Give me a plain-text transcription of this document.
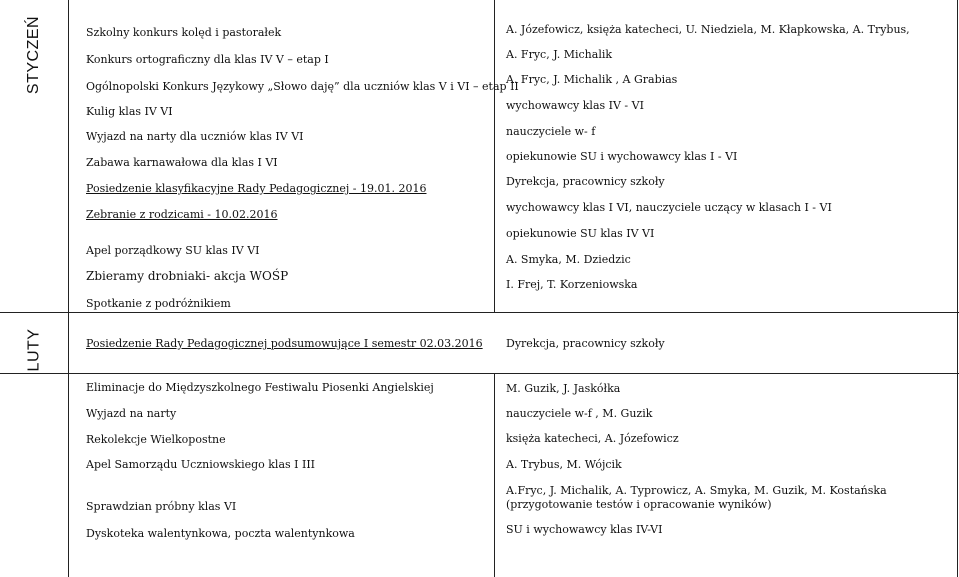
STYCZEŃ
LUTY
Szkolny konkurs kolęd i pastorałek
Konkurs ortograficzny dla klas IV V – etap I
Ogólnopolski Konkurs Językowy „Słowo daję” dla uczniów klas V i VI – etap II
Kulig klas IV VI
Wyjazd na narty dla uczniów klas IV VI
Zabawa karnawałowa dla klas I VI
Posiedzenie klasyfikacyjne Rady Pedagogicznej - 19.01. 2016
Zebranie z rodzicami - 10.02.2016
Apel porządkowy SU klas IV VI
Zbieramy drobniaki- akcja WOŚP
Spotkanie z podróżnikiem
A. Józefowicz, księża katecheci, U. Niedziela, M. Kłapkowska, A. Trybus,
A. Fryc, J. Michalik
A. Fryc, J. Michalik , A Grabias
wychowawcy klas IV - VI
nauczyciele w- f
opiekunowie SU i wychowawcy klas I - VI
Dyrekcja, pracownicy szkoły
wychowawcy klas I VI, nauczyciele uczący w klasach I - VI
opiekunowie SU klas IV VI
A. Smyka, M. Dziedzic
I. Frej, T. Korzeniowska
Posiedzenie Rady Pedagogicznej podsumowujące I semestr 02.03.2016
Eliminacje do Międzyszkolnego Festiwalu Piosenki Angielskiej
Wyjazd na narty
Rekolekcje Wielkopostne
Apel Samorządu Uczniowskiego klas I III
Sprawdzian próbny klas VI
Dyskoteka walentynkowa, poczta walentynkowa
Dyrekcja, pracownicy szkoły
M. Guzik, J. Jaskółka
nauczyciele w-f , M. Guzik
księża katecheci, A. Józefowicz
A. Trybus, M. Wójcik
A.Fryc, J. Michalik, A. Typrowicz, A. Smyka, M. Guzik, M. Kostańska (przygotowanie testów i opracowanie wyników)
SU i wychowawcy klas IV-VI
